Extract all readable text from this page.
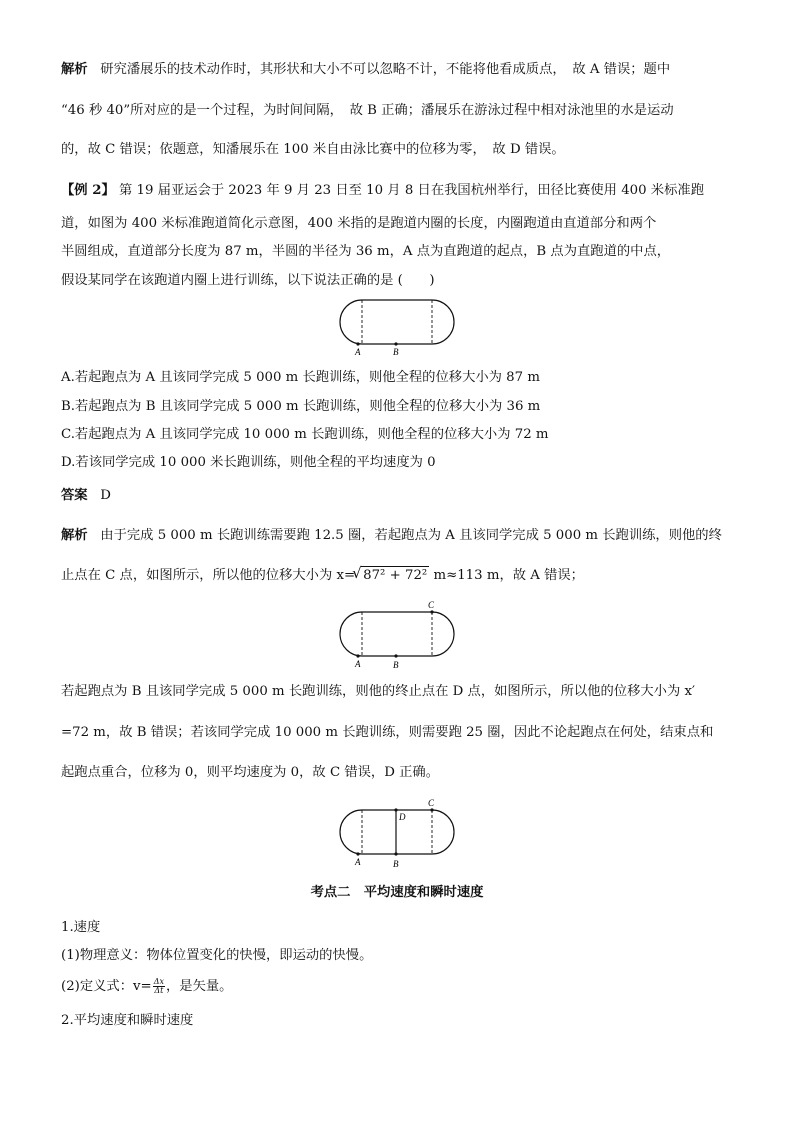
解析 研究潘展乐的技术动作时，其形状和大小不可以忽略不计，不能将他看成质点，　故 A 错误；题中
“46 秒 40”所对应的是一个过程，为时间间隔，　故 B 正确；潘展乐在游泳过程中相对泳池里的水是运动
的，故 C 错误；依题意，知潘展乐在 100 米自由泳比赛中的位移为零，　故 D 错误。
【例 2】 第 19 届亚运会于 2023 年 9 月 23 日至 10 月 8 日在我国杭州举行，田径比赛使用 400 米标准跑
道，如图为 400 米标准跑道简化示意图，400 米指的是跑道内圈的长度，内圈跑道由直道部分和两个
半圆组成，直道部分长度为 87 m，半圆的半径为 36 m，A 点为直跑道的起点，B 点为直跑道的中点，
假设某同学在该跑道内圈上进行训练，以下说法正确的是 (　　)
A	B
A.若起跑点为 A 且该同学完成 5 000 m 长跑训练，则他全程的位移大小为 87 m
B.若起跑点为 B 且该同学完成 5 000 m 长跑训练，则他全程的位移大小为 36 m
C.若起跑点为 A 且该同学完成 10 000 m 长跑训练，则他全程的位移大小为 72 m
D.若该同学完成 10 000 米长跑训练，则他全程的平均速度为 0
答案 D
解析 由于完成 5 000 m 长跑训练需要跑 12.5 圈，若起跑点为 A 且该同学完成 5 000 m 长跑训练，则他的终
止点在 C 点，如图所示，所以他的位移大小为 x=√ 87² + 72² m≈113 m，故 A 错误；
A	B
C
若起跑点为 B 且该同学完成 5 000 m 长跑训练，则他的终止点在 D 点，如图所示，所以他的位移大小为 x′
=72 m，故 B 错误；若该同学完成 10 000 m 长跑训练，则需要跑 25 圈，因此不论起跑点在何处，结束点和
起跑点重合，位移为 0，则平均速度为 0，故 C 错误，D 正确。
A	B
C
D
考点二　平均速度和瞬时速度
1.速度
(1)物理意义：物体位置变化的快慢，即运动的快慢。
(2)定义式：$v= \frac{\Delta x}{\Delta t}$ ，是矢量。
2.平均速度和瞬时速度
